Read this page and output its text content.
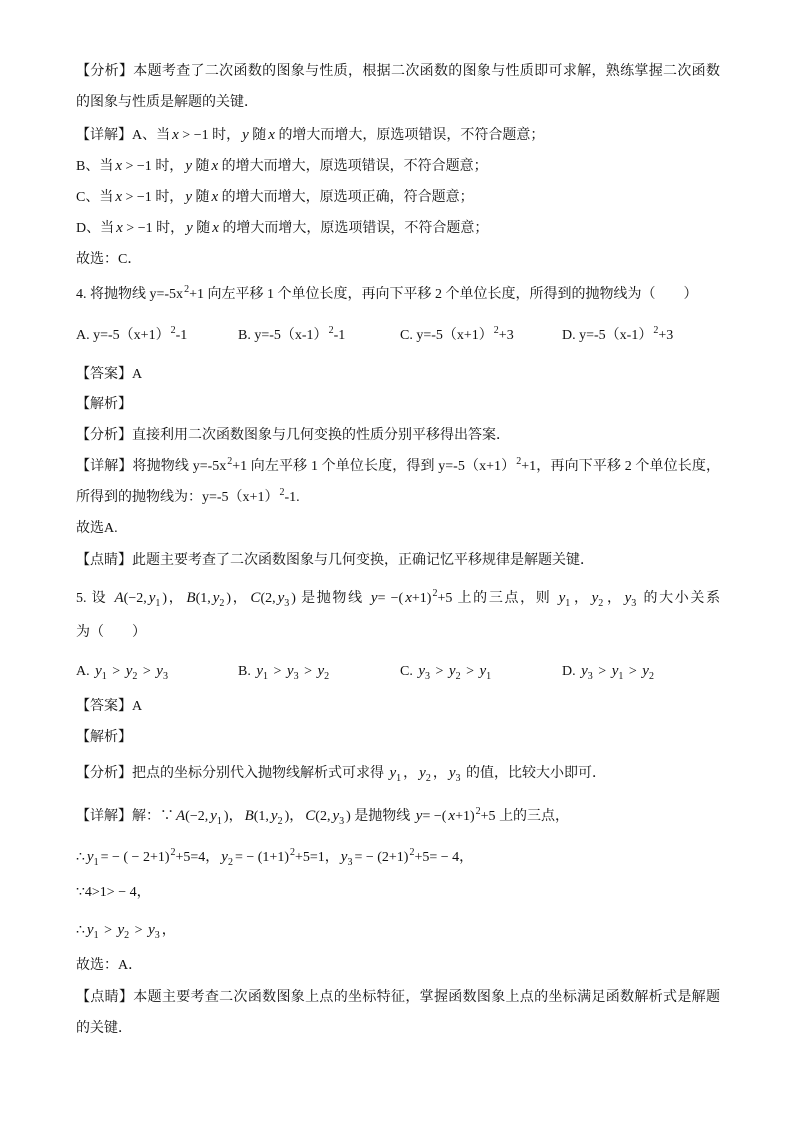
【分析】本题考查了二次函数的图象与性质，根据二次函数的图象与性质即可求解，熟练掌握二次函数
的图象与性质是解题的关键．
【详解】A、当 x > −1 时， y 随 x 的增大而增大，原选项错误，不符合题意；
B、当 x > −1 时， y 随 x 的增大而增大，原选项错误，不符合题意；
C、当 x > −1 时， y 随 x 的增大而增大，原选项正确，符合题意；
D、当 x > −1 时， y 随 x 的增大而增大，原选项错误，不符合题意；
故选：C．
4. 将抛物线 $y=-5x^2+1$ 向左平移 1 个单位长度，再向下平移 2 个单位长度，所得到的抛物线为（　　）
A. $y=-5(x+1)^2-1$	B. $y=-5(x-1)^2-1$	C. $y=-5(x+1)^2+3$	D. $y=-5(x-1)^2+3$
【答案】A
【解析】
【分析】直接利用二次函数图象与几何变换的性质分别平移得出答案．
【详解】将抛物线 $y=-5x^2+1$ 向左平移 1 个单位长度，得到 $y=-5(x+1)^2+1$，再向下平移 2 个单位长度，
所得到的抛物线为：$y=-5(x+1)^2-1$.
故选A.
【点睛】此题主要考查了二次函数图象与几何变换，正确记忆平移规律是解题关键．
5. 设 A(−2, $y_1$ )， B(1, $y_2$ )， C(2, $y_3$ ) 是抛物线 y= −( x+1)$^2$+5 上的三点，则 $y_1$ ， $y_2$ ， $y_3$ 的大小关系
为（　　）
A. $y_1 > y_2 > y_3$	B. $y_1 > y_3 > y_2$	C. $y_3 > y_2 > y_1$	D. $y_3 > y_1 > y_2$
【答案】A
【解析】
【分析】把点的坐标分别代入抛物线解析式可求得 $y_1$ ， $y_2$ ， $y_3$ 的值，比较大小即可．
【详解】解：∵ A(−2, $y_1$ )， B(1, $y_2$ )， C(2, $y_3$ ) 是抛物线 y= −( x+1)$^2$+5 上的三点，
∴ $y_1$ = − ( − 2+1)$^2$+5=4， $y_2$ = − $(1+1)^2+5=1$， $y_3$ = − $(2+1)^2+5= - 4$，
∵4>1> − 4，
∴ $y_1 > y_2 > y_3$ ，
故选：A．
【点睛】本题主要考查二次函数图象上点的坐标特征，掌握函数图象上点的坐标满足函数解析式是解题
的关键．
